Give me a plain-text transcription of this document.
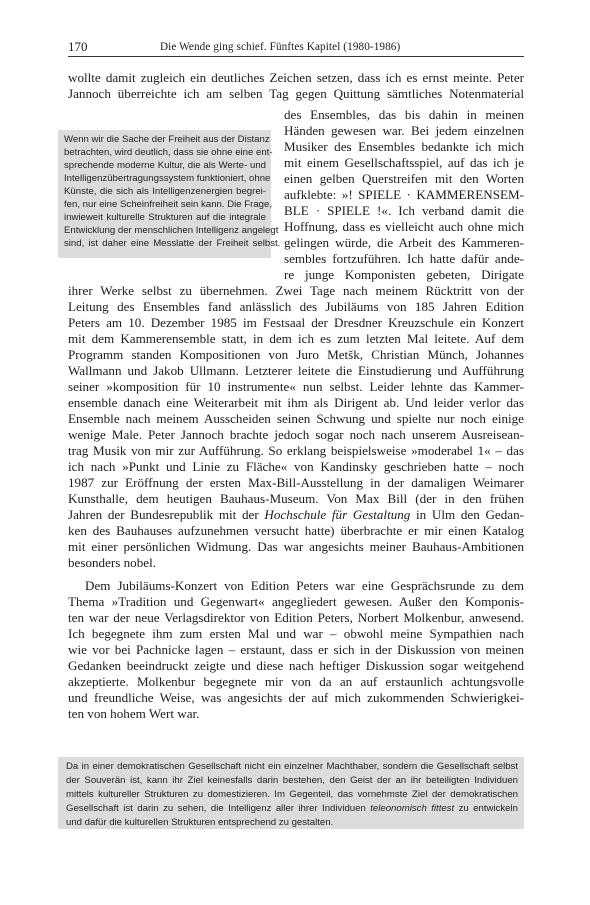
170	Die Wende ging schief. Fünftes Kapitel (1980-1986)
wollte damit zugleich ein deutliches Zeichen setzen, dass ich es ernst meinte. Peter
Jannoch überreichte ich am selben Tag gegen Quittung sämtliches Notenmaterial
Wenn wir die Sache der Freiheit aus der Distanz
betrachten, wird deutlich, dass sie ohne eine ent-
sprechende moderne Kultur, die als Werte- und
Intelligenzübertragungssystem funktioniert, ohne
Künste, die sich als Intelligenzenergien begrei-
fen, nur eine Scheinfreiheit sein kann. Die Frage,
inwieweit kulturelle Strukturen auf die integrale
Entwicklung der menschlichen Intelligenz angelegt
sind, ist daher eine Messlatte der Freiheit selbst.
des Ensembles, das bis dahin in meinen
Händen gewesen war. Bei jedem einzelnen
Musiker des Ensembles bedankte ich mich
mit einem Gesellschaftsspiel, auf das ich je
einen gelben Querstreifen mit den Worten
aufklebte: »! SPIELE · KAMMERENSEM-
BLE · SPIELE !«. Ich verband damit die
Hoffnung, dass es vielleicht auch ohne mich
gelingen würde, die Arbeit des Kammeren-
sembles fortzuführen. Ich hatte dafür ande-
re junge Komponisten gebeten, Dirigate
ihrer Werke selbst zu übernehmen. Zwei Tage nach meinem Rücktritt von der
Leitung des Ensembles fand anlässlich des Jubiläums von 185 Jahren Edition
Peters am 10. Dezember 1985 im Festsaal der Dresdner Kreuzschule ein Konzert
mit dem Kammerensemble statt, in dem ich es zum letzten Mal leitete. Auf dem
Programm standen Kompositionen von Juro Metšk, Christian Münch, Johannes
Wallmann und Jakob Ullmann. Letzterer leitete die Einstudierung und Aufführung
seiner »komposition für 10 instrumente« nun selbst. Leider lehnte das Kammer-
ensemble danach eine Weiterarbeit mit ihm als Dirigent ab. Und leider verlor das
Ensemble nach meinem Ausscheiden seinen Schwung und spielte nur noch einige
wenige Male. Peter Jannoch brachte jedoch sogar noch nach unserem Ausreisean-
trag Musik von mir zur Aufführung. So erklang beispielsweise »moderabel 1« – das
ich nach »Punkt und Linie zu Fläche« von Kandinsky geschrieben hatte – noch
1987 zur Eröffnung der ersten Max-Bill-Ausstellung in der damaligen Weimarer
Kunsthalle, dem heutigen Bauhaus-Museum. Von Max Bill (der in den frühen
Jahren der Bundesrepublik mit der Hochschule für Gestaltung in Ulm den Gedan-
ken des Bauhauses aufzunehmen versucht hatte) überbrachte er mir einen Katalog
mit einer persönlichen Widmung. Das war angesichts meiner Bauhaus-Ambitionen
besonders nobel.
Dem Jubiläums-Konzert von Edition Peters war eine Gesprächsrunde zu dem
Thema »Tradition und Gegenwart« angegliedert gewesen. Außer den Komponis-
ten war der neue Verlagsdirektor von Edition Peters, Norbert Molkenbur, anwesend.
Ich begegnete ihm zum ersten Mal und war – obwohl meine Sympathien nach
wie vor bei Pachnicke lagen – erstaunt, dass er sich in der Diskussion von meinen
Gedanken beeindruckt zeigte und diese nach heftiger Diskussion sogar weitgehend
akzeptierte. Molkenbur begegnete mir von da an auf erstaunlich achtungsvolle
und freundliche Weise, was angesichts der auf mich zukommenden Schwierigkei-
ten von hohem Wert war.
Da in einer demokratischen Gesellschaft nicht ein einzelner Machthaber, sondern die Gesellschaft selbst
der Souverän ist, kann ihr Ziel keinesfalls darin bestehen, den Geist der an ihr beteiligten Individuen
mittels kultureller Strukturen zu domestizieren. Im Gegenteil, das vornehmste Ziel der demokratischen
Gesellschaft ist darin zu sehen, die Intelligenz aller ihrer Individuen teleonomisch fittest zu entwickeln
und dafür die kulturellen Strukturen entsprechend zu gestalten.
